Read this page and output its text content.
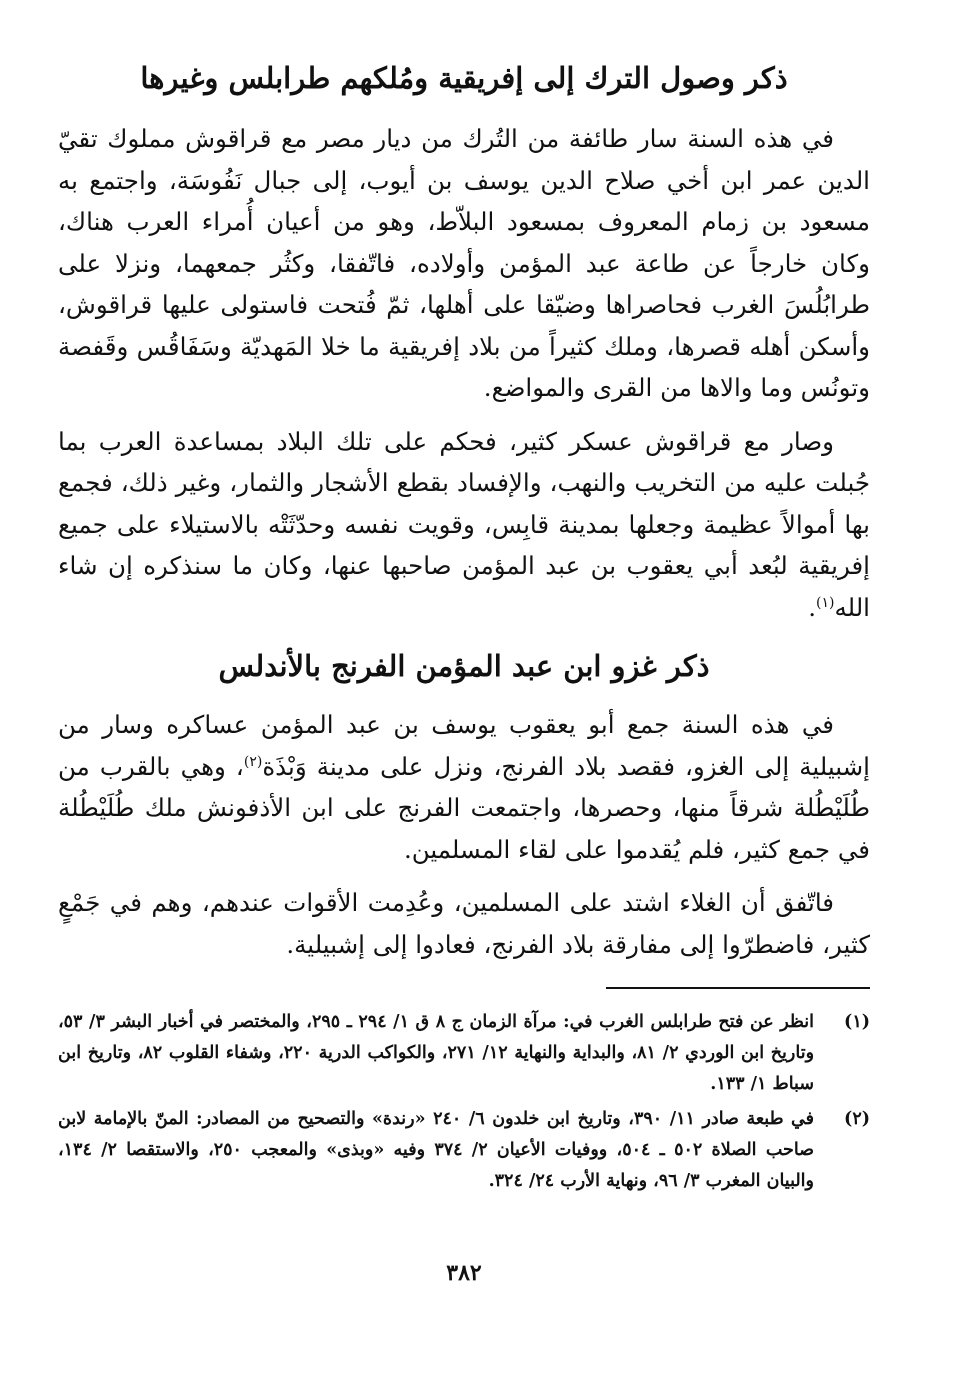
ذكر وصول الترك إلى إفريقية ومُلكهم طرابلس وغيرها

في هذه السنة سار طائفة من التُرك من ديار مصر مع قراقوش مملوك تقيّ الدين عمر ابن أخي صلاح الدين يوسف بن أيوب، إلى جبال نَفُوسَة، واجتمع به مسعود بن زمام المعروف بمسعود البلاّط، وهو من أعيان أُمراء العرب هناك، وكان خارجاً عن طاعة عبد المؤمن وأولاده، فاتّفقا، وكثُر جمعهما، ونزلا على طرابُلُسَ الغرب فحاصراها وضيّقا على أهلها، ثمّ فُتحت فاستولى عليها قراقوش، وأسكن أهله قصرها، وملك كثيراً من بلاد إفريقية ما خلا المَهديّة وسَفَاقُس وقَفصة وتونُس وما والاها من القرى والمواضع.

وصار مع قراقوش عسكر كثير، فحكم على تلك البلاد بمساعدة العرب بما جُبلت عليه من التخريب والنهب، والإفساد بقطع الأشجار والثمار، وغير ذلك، فجمع بها أموالاً عظيمة وجعلها بمدينة قابِس، وقويت نفسه وحدّثَتْه بالاستيلاء على جميع إفريقية لبُعد أبي يعقوب بن عبد المؤمن صاحبها عنها، وكان ما سنذكره إن شاء الله$^{(١)}$.

ذكر غزو ابن عبد المؤمن الفرنج بالأندلس

في هذه السنة جمع أبو يعقوب يوسف بن عبد المؤمن عساكره وسار من إشبيلية إلى الغزو، فقصد بلاد الفرنج، ونزل على مدينة وَبْذَة$^{(٢)}$، وهي بالقرب من طُلَيْطُلة شرقاً منها، وحصرها، واجتمعت الفرنج على ابن الأذفونش ملك طُلَيْطُلة في جمع كثير، فلم يُقدموا على لقاء المسلمين.

فاتّفق أن الغلاء اشتد على المسلمين، وعُدِمت الأقوات عندهم، وهم في جَمْعٍ كثير، فاضطرّوا إلى مفارقة بلاد الفرنج، فعادوا إلى إشبيلية.

(١)
انظر عن فتح طرابلس الغرب في: مرآة الزمان ج ٨ ق ١/ ٢٩٤ ـ ٢٩٥، والمختصر في أخبار البشر ٣/ ٥٣، وتاريخ ابن الوردي ٢/ ٨١، والبداية والنهاية ١٢/ ٢٧١، والكواكب الدرية ٢٢٠، وشفاء القلوب ٨٢، وتاريخ ابن سباط ١/ ١٣٣.
(٢)
في طبعة صادر ١١/ ٣٩٠، وتاريخ ابن خلدون ٦/ ٢٤٠ «رندة» والتصحيح من المصادر: المنّ بالإمامة لابن صاحب الصلاة ٥٠٢ ـ ٥٠٤، ووفيات الأعيان ٢/ ٣٧٤ وفيه «وبذى» والمعجب ٢٥٠، والاستقصا ٢/ ١٣٤، والبيان المغرب ٣/ ٩٦، ونهاية الأرب ٢٤/ ٣٢٤.
٣٨٢
